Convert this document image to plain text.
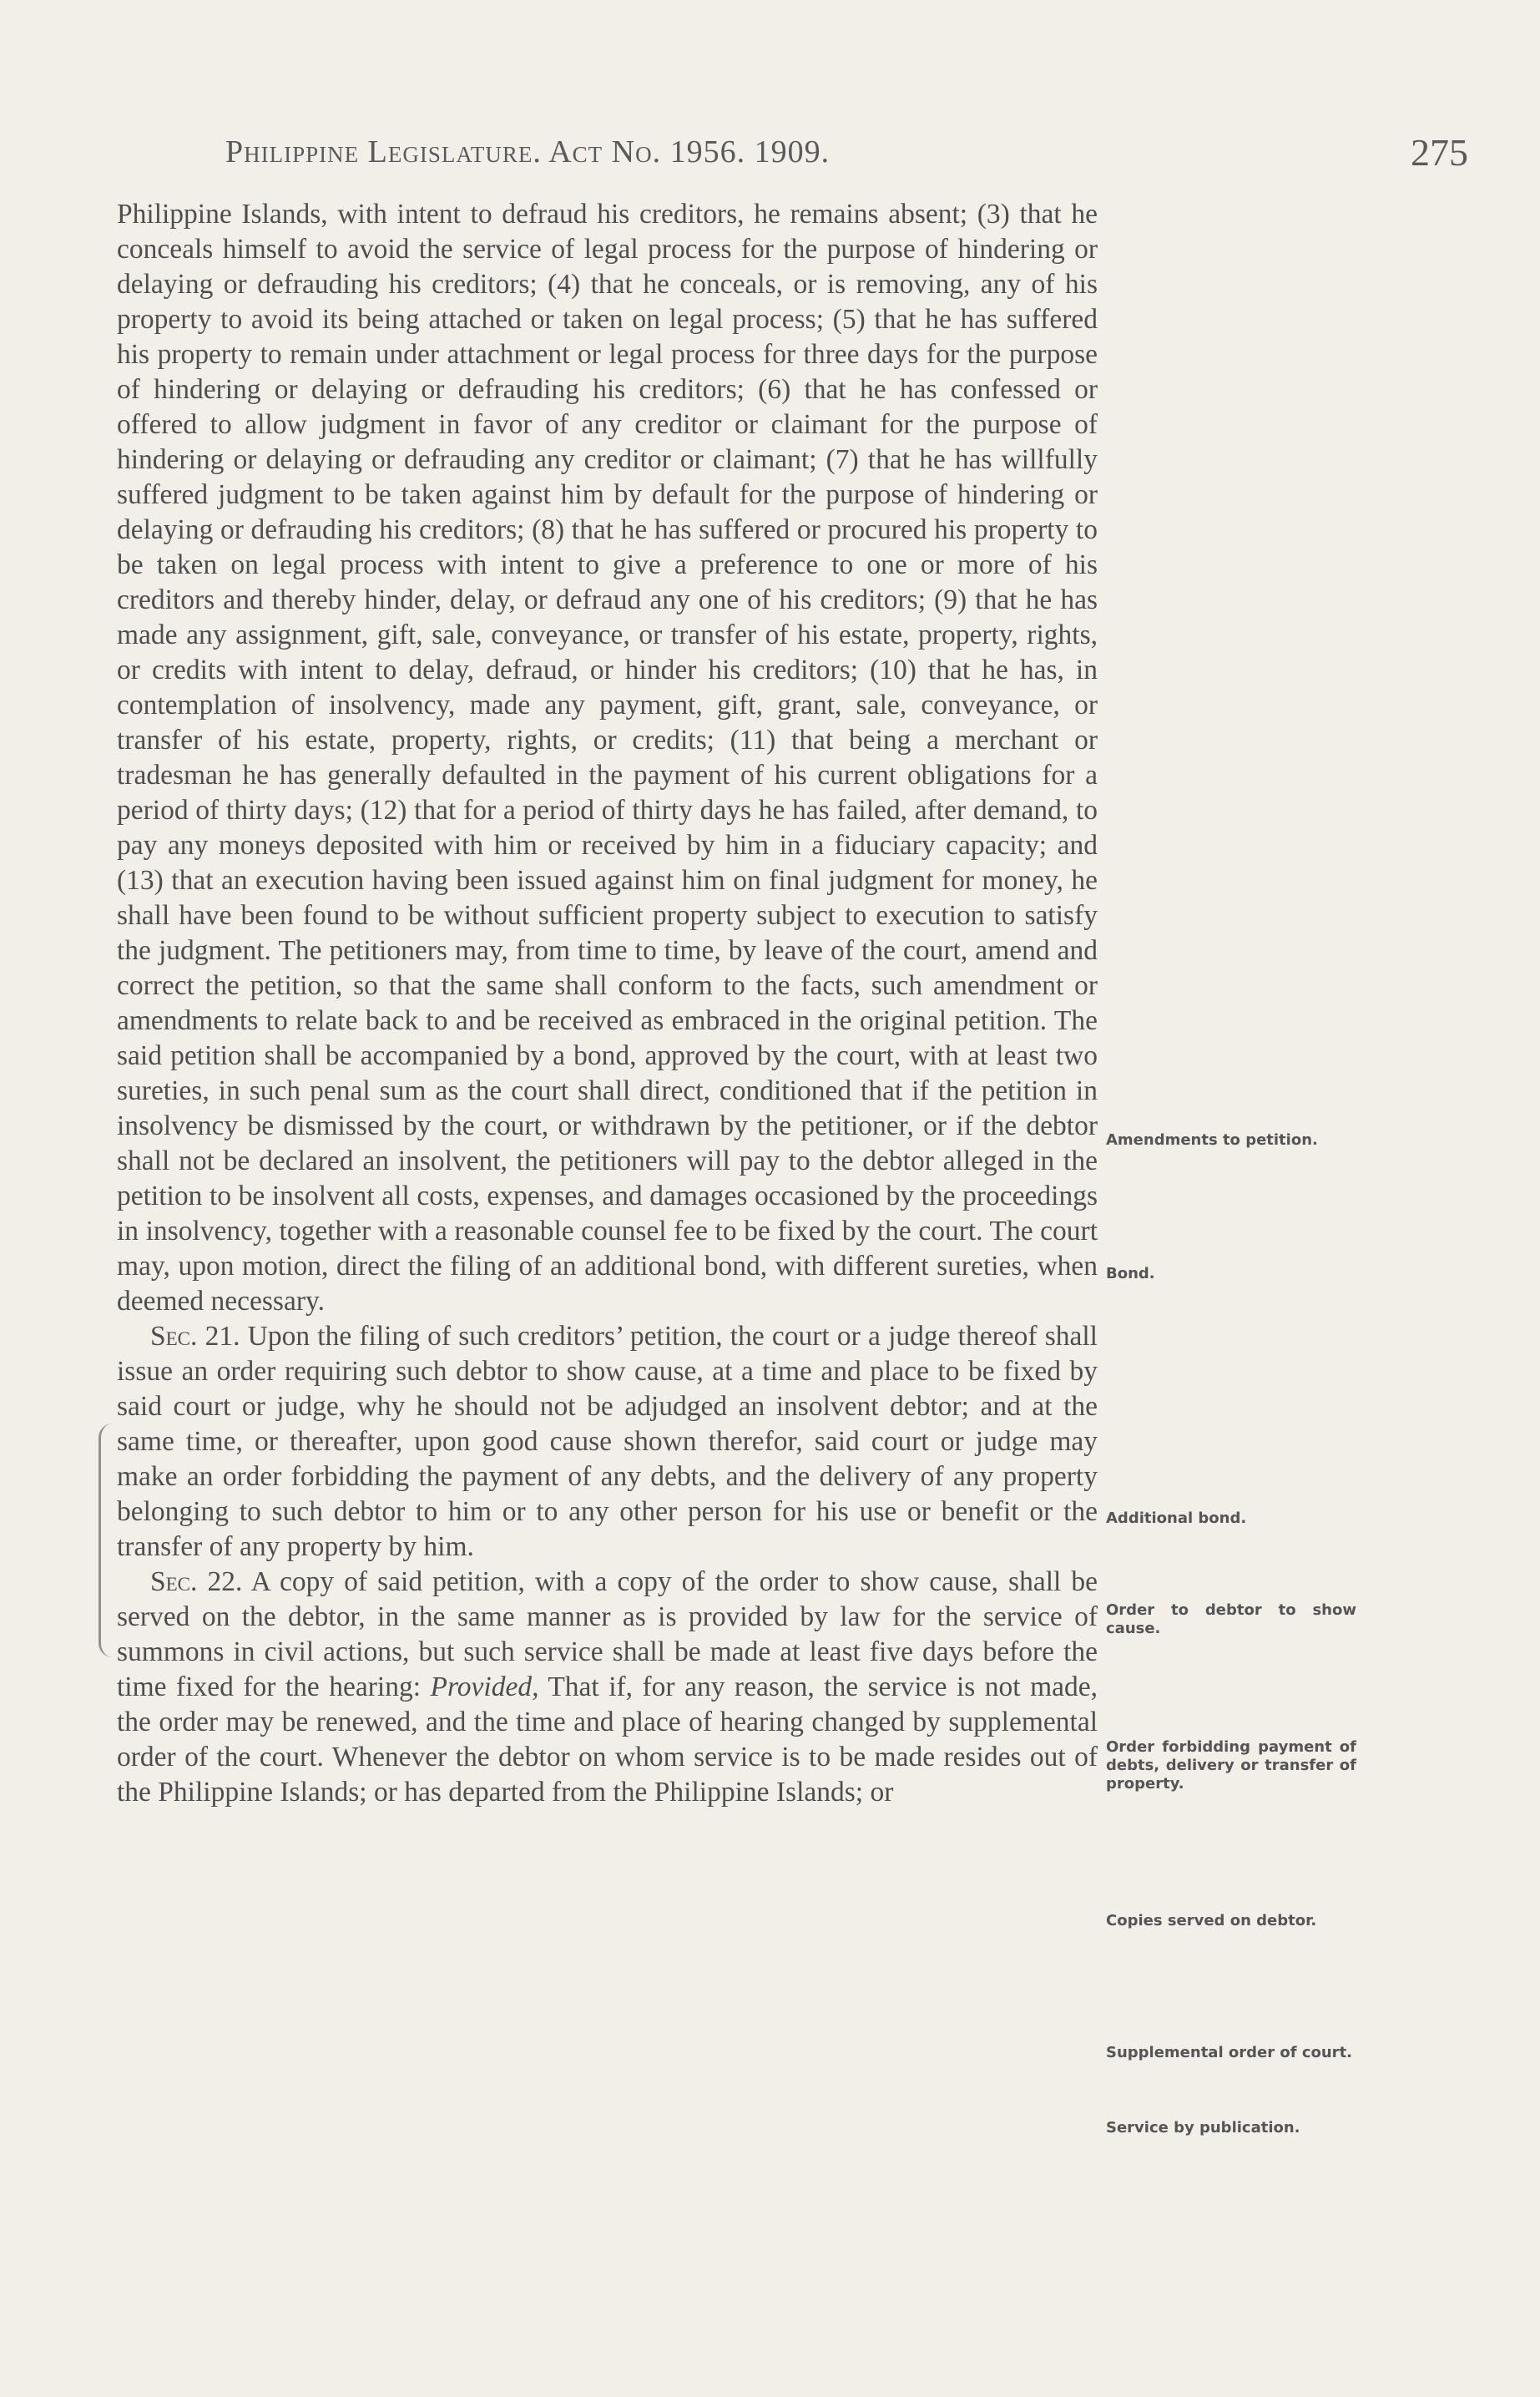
Philippine Legislature. Act No. 1956. 1909.	275

Philippine Islands, with intent to defraud his creditors, he remains absent; (3) that he conceals himself to avoid the service of legal process for the purpose of hindering or delaying or defrauding his creditors; (4) that he conceals, or is removing, any of his property to avoid its being attached or taken on legal process; (5) that he has suffered his property to remain under attachment or legal process for three days for the purpose of hindering or delaying or defrauding his creditors; (6) that he has confessed or offered to allow judgment in favor of any creditor or claimant for the purpose of hindering or delaying or defrauding any creditor or claimant; (7) that he has willfully suffered judgment to be taken against him by default for the purpose of hindering or delaying or defrauding his creditors; (8) that he has suffered or procured his property to be taken on legal process with intent to give a preference to one or more of his creditors and thereby hinder, delay, or defraud any one of his creditors; (9) that he has made any assignment, gift, sale, conveyance, or transfer of his estate, property, rights, or credits with intent to delay, defraud, or hinder his creditors; (10) that he has, in contemplation of insolvency, made any payment, gift, grant, sale, conveyance, or transfer of his estate, property, rights, or credits; (11) that being a merchant or tradesman he has generally defaulted in the payment of his current obligations for a period of thirty days; (12) that for a period of thirty days he has failed, after demand, to pay any moneys deposited with him or received by him in a fiduciary capacity; and (13) that an execution having been issued against him on final judgment for money, he shall have been found to be without sufficient property subject to execution to satisfy the judgment. The petitioners may, from time to time, by leave of the court, amend and correct the petition, so that the same shall conform to the facts, such amendment or amendments to relate back to and be received as embraced in the original petition. The said petition shall be accompanied by a bond, approved by the court, with at least two sureties, in such penal sum as the court shall direct, conditioned that if the petition in insolvency be dismissed by the court, or withdrawn by the petitioner, or if the debtor shall not be declared an insolvent, the petitioners will pay to the debtor alleged in the petition to be insolvent all costs, expenses, and damages occasioned by the proceedings in insolvency, together with a reasonable counsel fee to be fixed by the court. The court may, upon motion, direct the filing of an additional bond, with different sureties, when deemed necessary.

Sec. 21. Upon the filing of such creditors’ petition, the court or a judge thereof shall issue an order requiring such debtor to show cause, at a time and place to be fixed by said court or judge, why he should not be adjudged an insolvent debtor; and at the same time, or thereafter, upon good cause shown therefor, said court or judge may make an order forbidding the payment of any debts, and the delivery of any property belonging to such debtor to him or to any other person for his use or benefit or the transfer of any property by him.

Sec. 22. A copy of said petition, with a copy of the order to show cause, shall be served on the debtor, in the same manner as is provided by law for the service of summons in civil actions, but such service shall be made at least five days before the time fixed for the hearing: Provided, That if, for any reason, the service is not made, the order may be renewed, and the time and place of hearing changed by supplemental order of the court. Whenever the debtor on whom service is to be made resides out of the Philippine Islands; or has departed from the Philippine Islands; or

Amendments to petition.
Bond.
Additional bond.
Order to debtor to show cause.
Order forbidding payment of debts, delivery or transfer of property.
Copies served on debtor.
Supplemental order of court.
Service by publication.
